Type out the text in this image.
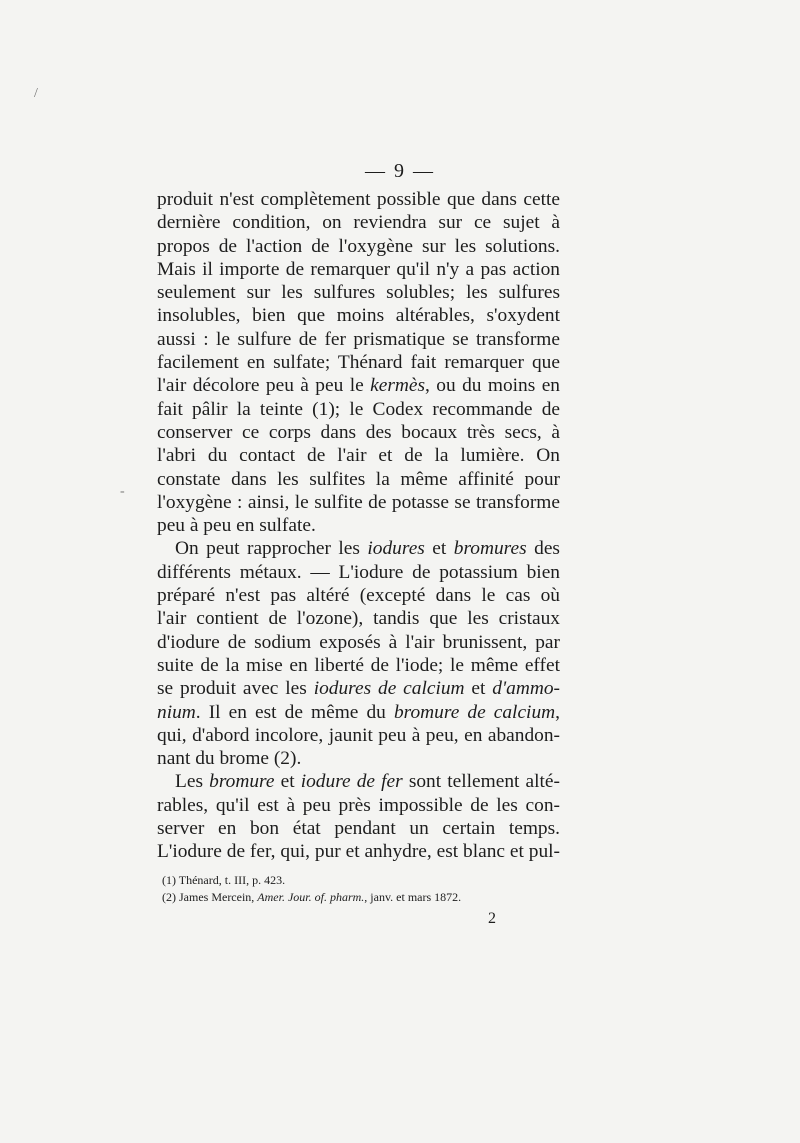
/
-
— 9 —
produit n'est complètement possible que dans cette
dernière condition, on reviendra sur ce sujet à
propos de l'action de l'oxygène sur les solutions.
Mais il importe de remarquer qu'il n'y a pas action
seulement sur les sulfures solubles; les sulfures
insolubles, bien que moins altérables, s'oxydent
aussi : le sulfure de fer prismatique se transforme
facilement en sulfate; Thénard fait remarquer que
l'air décolore peu à peu le kermès, ou du moins en
fait pâlir la teinte (1); le Codex recommande de
conserver ce corps dans des bocaux très secs, à
l'abri du contact de l'air et de la lumière. On
constate dans les sulfites la même affinité pour
l'oxygène : ainsi, le sulfite de potasse se transforme
peu à peu en sulfate.
On peut rapprocher les iodures et bromures des
différents métaux. — L'iodure de potassium bien
préparé n'est pas altéré (excepté dans le cas où
l'air contient de l'ozone), tandis que les cristaux
d'iodure de sodium exposés à l'air brunissent, par
suite de la mise en liberté de l'iode; le même effet
se produit avec les iodures de calcium et d'ammo-
nium. Il en est de même du bromure de calcium,
qui, d'abord incolore, jaunit peu à peu, en abandon-
nant du brome (2).
Les bromure et iodure de fer sont tellement alté-
rables, qu'il est à peu près impossible de les con-
server en bon état pendant un certain temps.
L'iodure de fer, qui, pur et anhydre, est blanc et pul-
(1) Thénard, t. III, p. 423.
(2) James Mercein, Amer. Jour. of. pharm., janv. et mars 1872.
2
